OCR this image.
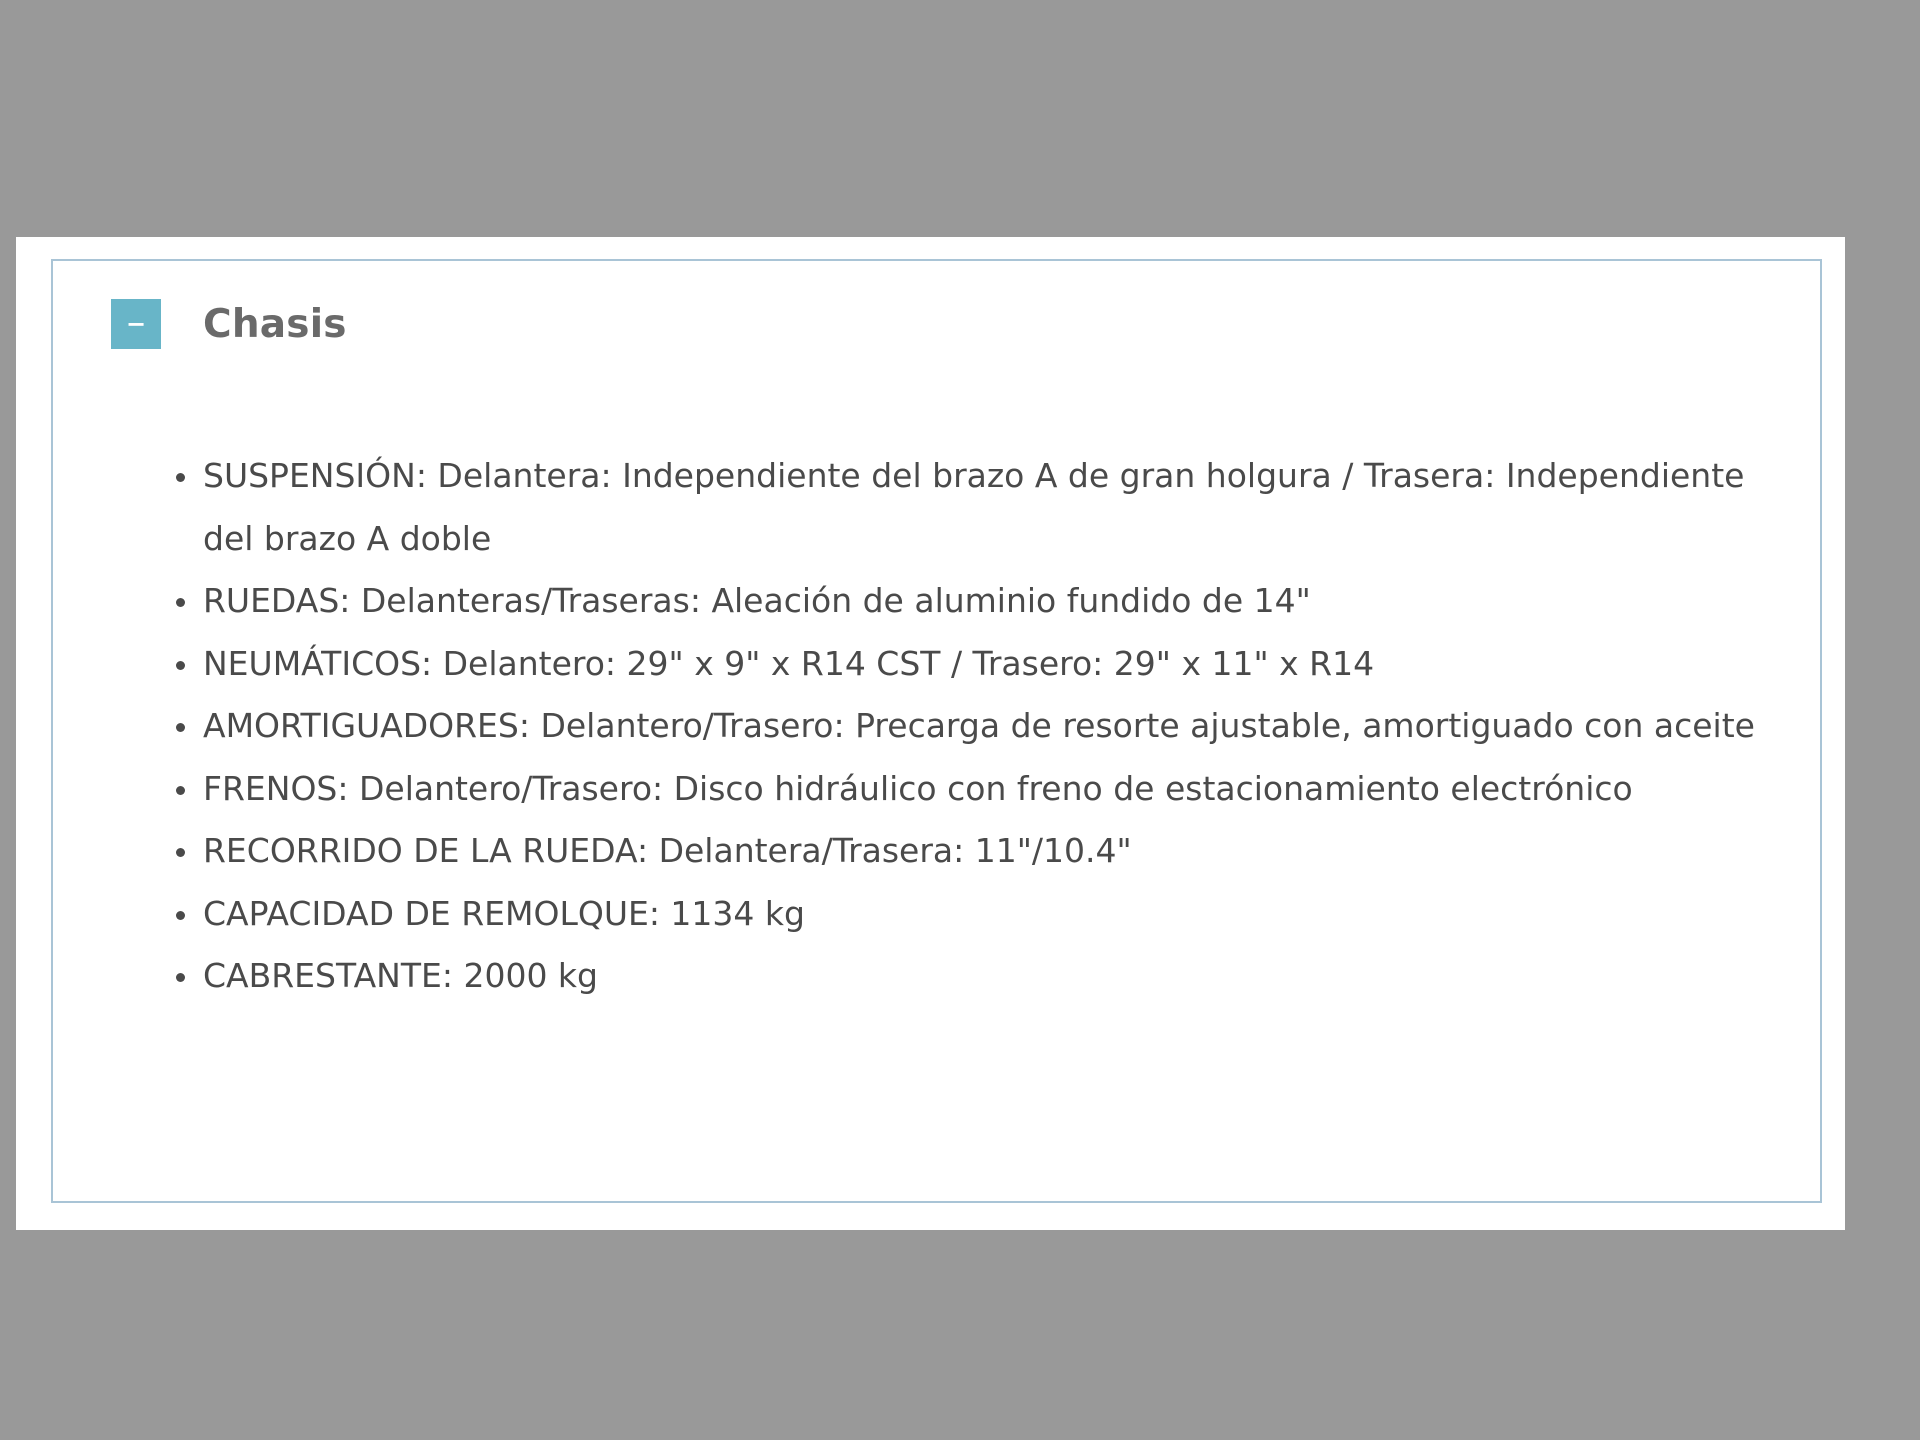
− Chasis
SUSPENSIÓN: Delantera: Independiente del brazo A de gran holgura / Trasera: Independiente del brazo A doble
RUEDAS: Delanteras/Traseras: Aleación de aluminio fundido de 14"
NEUMÁTICOS: Delantero: 29" x 9" x R14 CST / Trasero: 29" x 11" x R14
AMORTIGUADORES: Delantero/Trasero: Precarga de resorte ajustable, amortiguado con aceite
FRENOS: Delantero/Trasero: Disco hidráulico con freno de estacionamiento electrónico
RECORRIDO DE LA RUEDA: Delantera/Trasera: 11"/10.4"
CAPACIDAD DE REMOLQUE: 1134 kg
CABRESTANTE: 2000 kg
